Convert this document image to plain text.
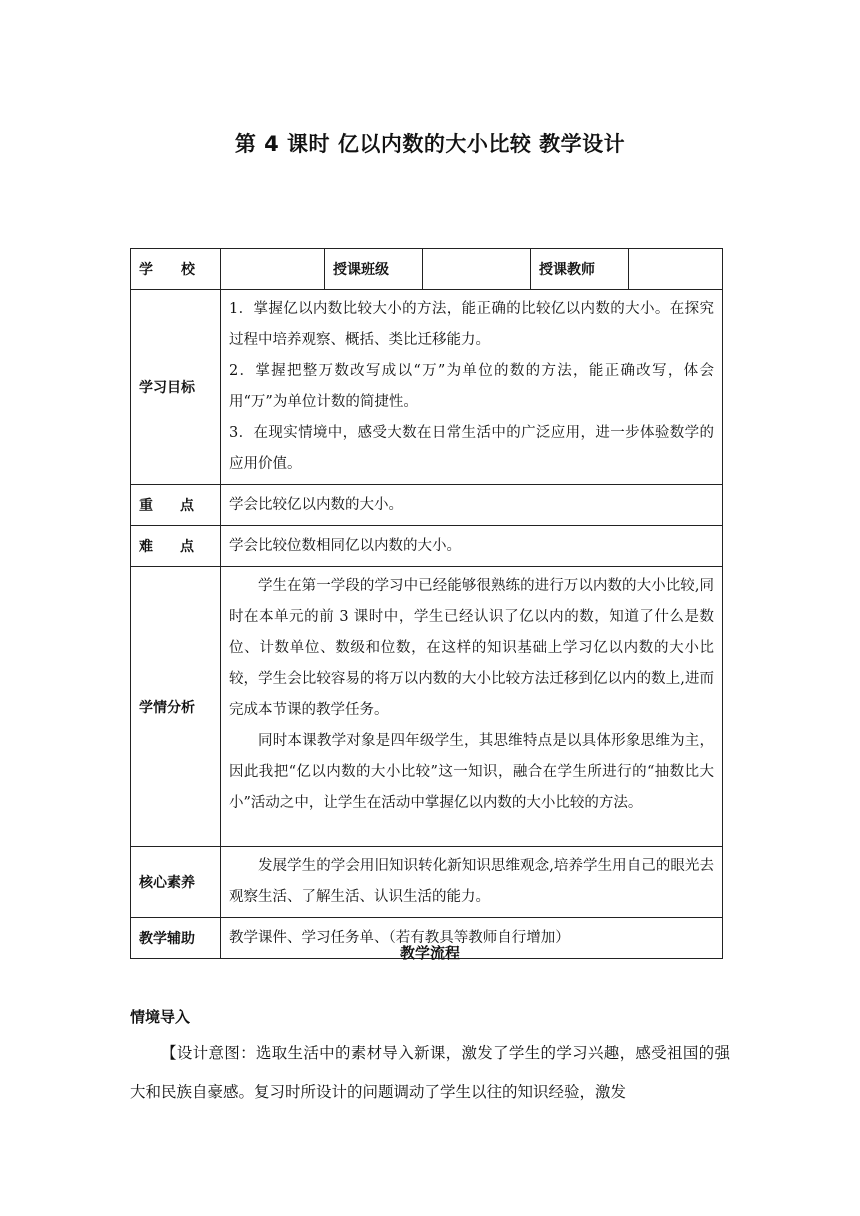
第 4 课时 亿以内数的大小比较 教学设计
学　　校		授课班级		授课教师	
学习目标	1．掌握亿以内数比较大小的方法，能正确的比较亿以内数的大小。在探究过程中培养观察、概括、类比迁移能力。

2．掌握把整万数改写成以“万”为单位的数的方法，能正确改写，体会用“万”为单位计数的简捷性。

3．在现实情境中，感受大数在日常生活中的广泛应用，进一步体验数学的应用价值。				

重 点	学会比较亿以内数的大小。				

难 点	学会比较位数相同亿以内数的大小。				
学情分析	学生在第一学段的学习中已经能够很熟练的进行万以内数的大小比较,同时在本单元的前 3 课时中，学生已经认识了亿以内的数，知道了什么是数位、计数单位、数级和位数，在这样的知识基础上学习亿以内数的大小比较，学生会比较容易的将万以内数的大小比较方法迁移到亿以内的数上,进而完成本节课的教学任务。

同时本课教学对象是四年级学生，其思维特点是以具体形象思维为主，因此我把“亿以内数的大小比较”这一知识，融合在学生所进行的“抽数比大小”活动之中，让学生在活动中掌握亿以内数的大小比较的方法。				

核心素养	发展学生的学会用旧知识转化新知识思维观念,培养学生用自己的眼光去观察生活、了解生活、认识生活的能力。				

教学辅助	教学课件、学习任务单、（若有教具等教师自行增加）				
教学流程
情境导入
【设计意图：选取生活中的素材导入新课，激发了学生的学习兴趣，感受祖国的强大和民族自豪感。复习时所设计的问题调动了学生以往的知识经验，激发
